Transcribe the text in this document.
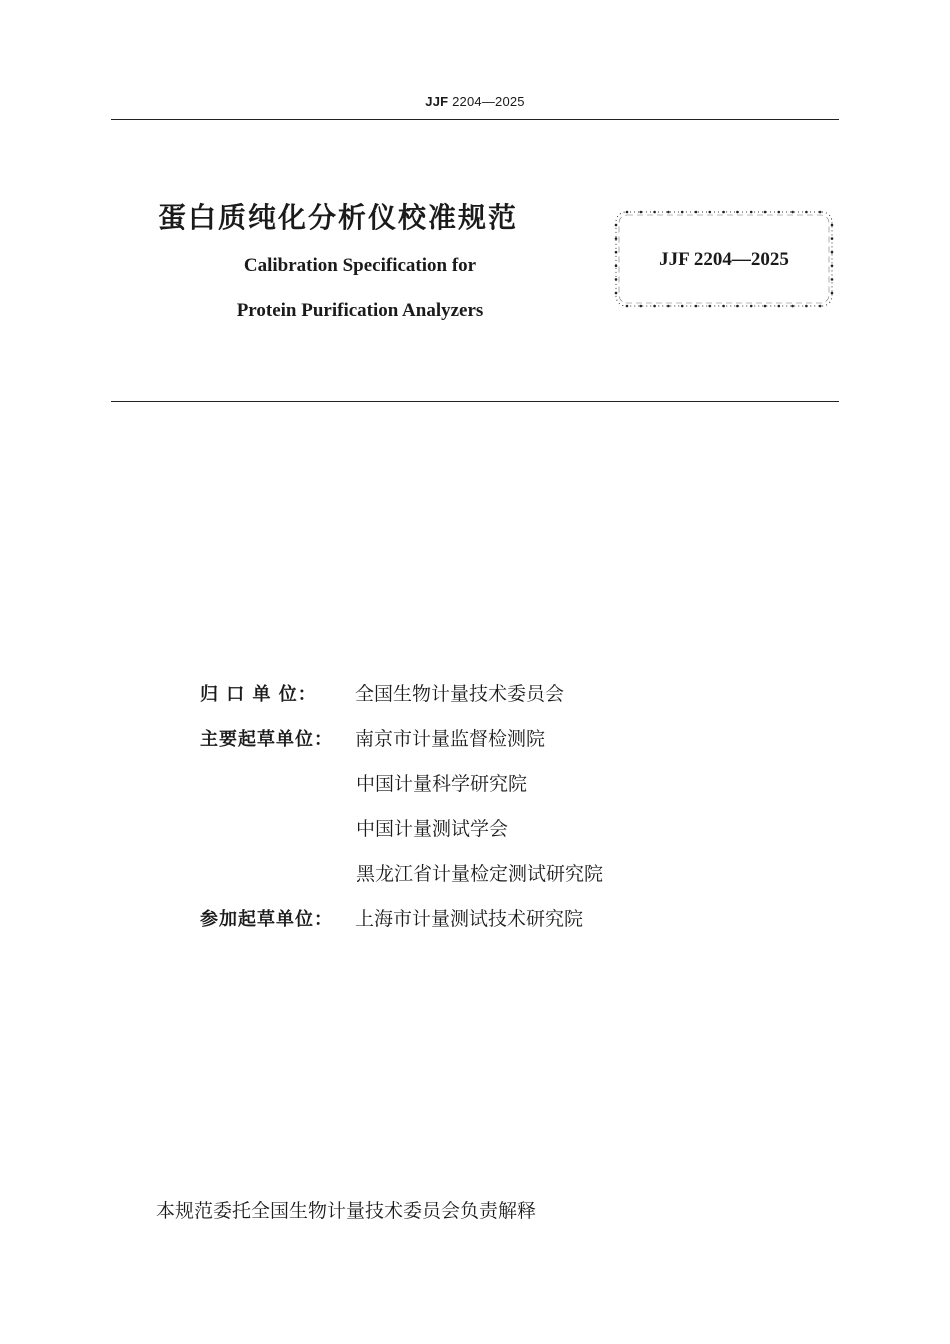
JJF 2204—2025
蛋白质纯化分析仪校准规范
Calibration Specification for
Protein Purification Analyzers
JJF 2204—2025
归 口 单 位： 全国生物计量技术委员会
主要起草单位： 南京市计量监督检测院
中国计量科学研究院
中国计量测试学会
黑龙江省计量检定测试研究院
参加起草单位： 上海市计量测试技术研究院
本规范委托全国生物计量技术委员会负责解释
